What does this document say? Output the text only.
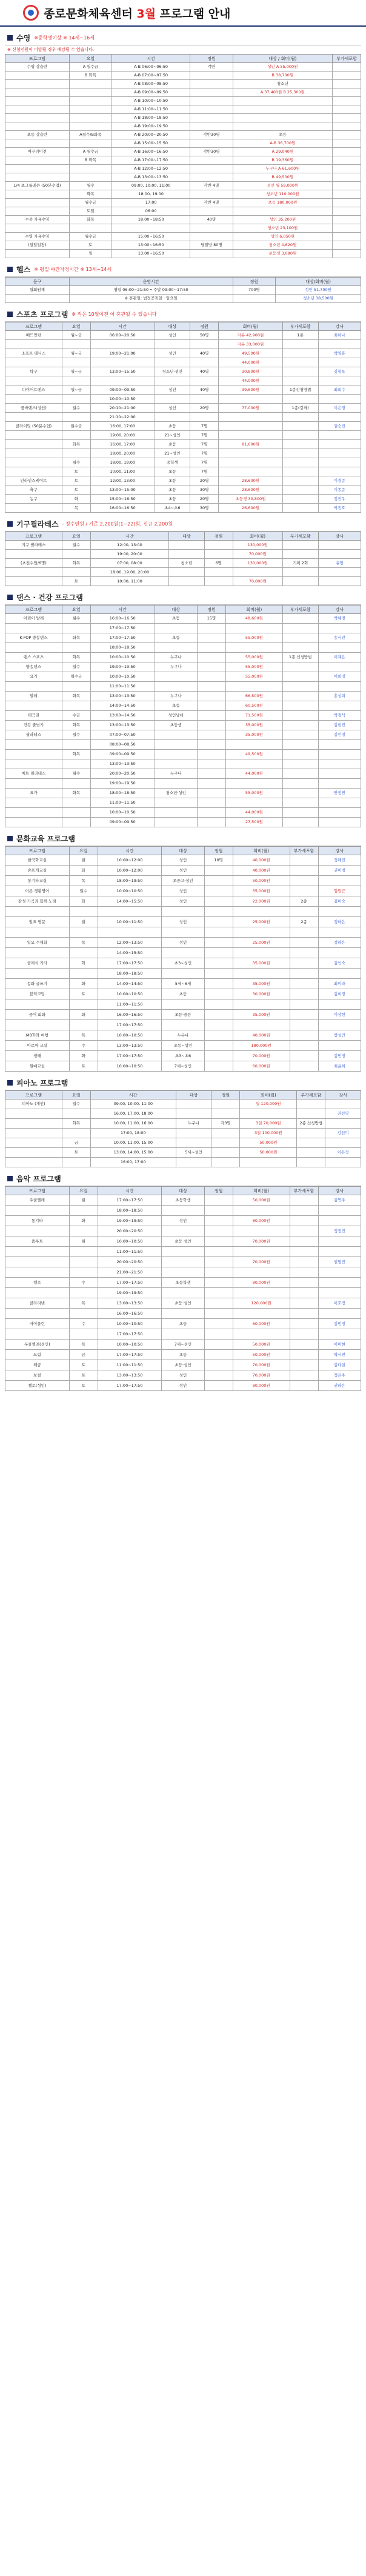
종로문화체육센터 3월 프로그램 안내
수영 ※중학생이상 ※ 14세~16세
※ 신청인원이 미달될 경우 폐강될 수 있습니다.
프로그램	요일	시간	정원	대상 / 회비(월)	부가세포함
수영 강습반	A 월수금	A-B 06:00~06:50	각반	성인 A 55,000원	
	B 화목	A-B 07:00~07:50		B 38,700원	
		A-B 08:00~08:50		청소년	
		A-B 09:00~09:50		A 37,400원 B 25,300원	
		A-B 10:00~10:50			
		A-B 11:00~11:50			
		A-B 18:00~18:50			
		A-B 19:00~19:50			
초등 강습반	A월수/B화목	A-B 20:00~20:50	각반30명	초등	
		A-B 15:00~15:50		A-B 36,700원	
어꾸러미전	A 월수금	A-B 16:00~16:50	각반30명	A 29,040원	
	B 화목	A-B 17:00~17:50		B 19,360원	
		A-B 12:00~12:50		누구나 A 61,600원	
		A-B 13:00~13:50		B 49,500원	
1/4 초그룹레슨 (50분수업)	월수	09:00, 10:00, 11:00	각반 4명	성인 월 59,000원	
	화목	18:00, 19:00		청소년 110,000원	
	월수금	17:00	각반 4명	초등 180,000원	
	토일	06:00			
수중 자유수영	화목	18:00~18:50	40명	성인 35,200원	
				청소년 23,100원	
수영 자유수영	월수금	15:00~16:50		성인 6,050원	
(일일입장)	토	13:00~16:50	당일방 80명	청소년 4,620원	
	일	13:00~16:50		초등생 3,080원	
헬스 ※ 평일·야간자정시간 ※ 13세~14세
문구	운영시간	정원	대상/회비(월)
월회원제	평일 06:00~21:50 • 주말 09:00~17:50	700명	성인 51,700원
	※ 휴관일: 법정공휴일 · 일요일		청소년 38,500원
스포츠 프로그램 ※ 작은 10월이전 이 휴관될 수 있습니다
프로그램	요일	시간	대상	정원	회비(월)	부가세포함	강사
배드민턴	월~금	06:00~20:50	성인	50명	자유 42,900원	1종	최하나
					자유 33,000원		
소프트 테니스	월~금	19:00~21:00	성인	40명	49,500원		박영훈
					44,000원		
탁구	월~금	13:00~15:50	청소년·성인	40명	30,800원		김형록
					44,000원		
다이어트댄스	월~금	09:00~09:50	성인	40명	39,600원	1종신청방법	최희수
		10:00~10:50					
줌바댄스(성인)	월수	20:10~21:00	성인	20명	77,000원	1종(강좌)	이은경
		21:10~22:00					
클라이밍 (50분수업)	월수금	16:00, 17:00	초등	7명			권승진
		19:00, 20:00	21~성인	7명			
	화목	16:00, 17:00	초등	7명	81,600원		
		18:00, 20:00	21~성인	7명			
	월수	18:00, 19:00	중학생	7명			
	토	10:00, 11:00	초등	7명			
인라인스케이트	토	12:00, 13:00	초등	20명	28,600원		이경준
축구	토	13:00~15:00	초등	30명	28,600원		이종준
농구	화	15:00~16:50	초등	20명	초등생 30,800원		정진우
	목	16:00~16:50	초4~초6	30명	26,600원		박진호
기구필라테스 - 정수인원 / 기준 2,200원(1~22)회, 신규 2,200원
프로그램	요일	시간	대상	정원	회비(월)	부가세포함	강사
기구 필라테스	월수	12:00, 13:00			130,000원		
		19:00, 20:00			70,000원		
(초전수업/6명)	화목	07:00, 08:00	청소년	6명	130,000원	기획 2회	유형
		18:00, 19:00, 20:00					
	토	10:00, 11:00			70,000원		
댄스 · 건강 프로그램
프로그램	요일	시간	대상	정원	회비(월)	부가세포함	강사
어린이 발레	월수	16:00~16:50	초등	15명	48,600원		박혜경
		17:00~17:50					
K-POP 방송댄스	화목	17:00~17:50	초등		55,000원		송서진
		18:00~18:50					
댄스 스포츠	화목	10:00~10:50	누구나		55,000원	1종 신청방법	이재은
방송댄스	월수	19:00~19:50	누구나		55,000원		
요가	월수금	10:00~10:50			55,000원		이희정
		11:00~11:50					
발레	화목	13:00~13:50	누구나		66,500원		홍성희
		14:00~14:50	초등		60,500원		
태극권	수금	13:00~14:50	성인남녀		71,500원		박경석
건강 줄넘기	화목	13:00~13:50	초등생		35,000원		김현진
필라테스	월수	07:00~07:50			35,000원		김인정
		08:00~08:50					
	화목	09:00~09:50			49,500원		
		13:00~13:50					
매트 필라테스	월수	20:00~20:50	누구나		44,000원		
		19:00~19:50					
요가	화목	18:00~18:50	청소년·성인		55,000원		안정연
		11:00~11:50					
		10:00~10:50			44,000원		
		09:00~09:50			27,500원		
문화교육 프로그램
프로그램	요일	시간	대상	정원	회비(월)	부가세포함	강사
한국화교실	월	10:00~12:00	성인	10명	40,000원		정해진
손뜨개교실	화	10:00~12:00	성인		40,000원		권미경
통기타교실	목	18:00~19:50	초중고·성인		50,000원		
어른 생활영어	월수	10:00~10:50	성인		55,000원		엄원근
감성 가곡과 함께 노래	화	14:00~15:50	성인		22,000원	2종	김미숙

일요 영문	월	10:00~11:50	성인		25,000원	2종	정하은

일요 수채화	목	12:00~13:50	성인		25,000원		정하은
		14:00~15:50					
클래식 기타	화	17:00~17:50	초3~성인		35,000원		김인숙
		18:00~18:50					
동화 글쓰기	화	14:00~14:50	5세~6세		35,000원		최미라
블럭코딩	토	10:00~10:50	초등		30,000원		김희경
		11:00~11:50					
중어 회화	화	16:00~16:50	초등·중등		35,000원		이상현
		17:00~17:50					
MBTI와 여행	목	10:00~10:50	누구나		40,000원		방성민
아로마 교실	수	13:00~13:50	초등~성인		180,000원		
생태	화	17:00~17:50	초3~초6		70,000원		김민정
원예교실	토	10:00~10:50	7세~성인		60,000원		최윤희
피아노 프로그램
프로그램	요일	시간	대상	정원	회비(월)	부가세포함	강사
피아노 (개인)	월수	09:00, 10:00, 11:00			월 120,000원		
		16:00, 17:00, 18:00					권선영
	화목	10:00, 11:00, 16:00	누구나	각3명	3일 70,000원	2종 신청방법	
		17:00, 18:00			3일 100,000원		김선미
	금	10:00, 11:00, 15:00			50,000원		
	토	13:00, 14:00, 15:00	5세~성인		50,000원		이은정
		16:00, 17:00					
음악 프로그램
프로그램	요일	시간	대상	정원	회비(월)	부가세포함	강사
우쿨렐레	월	17:00~17:50	초등학생		50,000원		김연주
		18:00~18:50					
통기타	화	19:00~19:50	성인		80,000원		
		20:00~20:50					정정민
플루트	월	10:00~10:50	초등·성인		70,000원		
		11:00~11:50					
		20:00~20:50			70,000원		권형민
		21:00~21:50					
첼로	수	17:00~17:50	초등학생		80,000원		
		19:00~19:50					
클라리넷	목	13:00~13:50	초등·성인		120,000원		이호정
		16:00~16:50					
바이올린	수	10:00~10:50	초등		60,000원		김민정
		17:00~17:50					
우쿨렐레(성인)	목	10:00~10:50	7세~성인		50,000원		이미현
드럼	금	17:00~17:50	초등		50,000원		박서연
해금	토	11:00~11:50	초등·성인		70,000원		김다현
보컬	토	13:00~13:50	성인		70,000원		정은주
첼로(성인)	토	17:00~17:50	성인		80,000원		권하은
